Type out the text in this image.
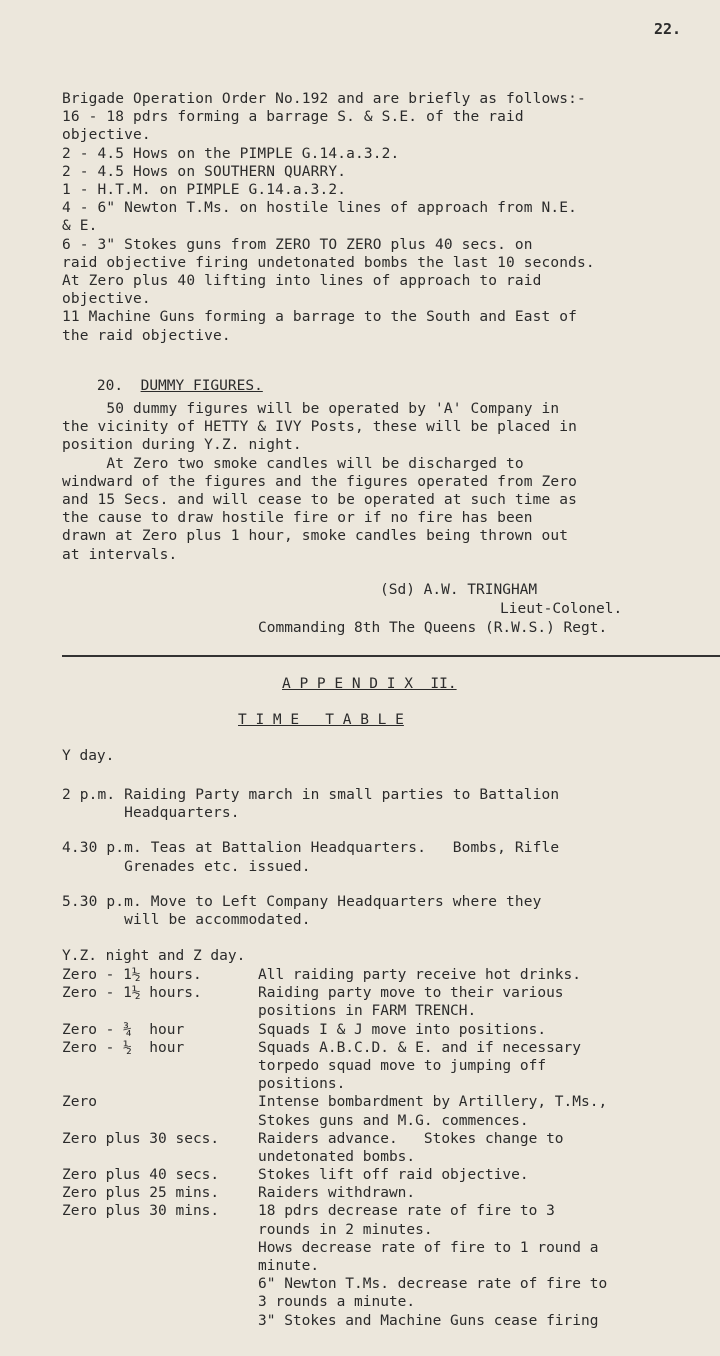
22.
Brigade Operation Order No.192 and are briefly as follows:-
16 - 18 pdrs forming a barrage S. & S.E. of the raid
objective.
2 - 4.5 Hows on the PIMPLE G.14.a.3.2.
2 - 4.5 Hows on SOUTHERN QUARRY.
1 - H.T.M. on PIMPLE G.14.a.3.2.
4 - 6" Newton T.Ms. on hostile lines of approach from N.E.
& E.
6 - 3" Stokes guns from ZERO TO ZERO plus 40 secs. on
raid objective firing undetonated bombs the last 10 seconds.
At Zero plus 40 lifting into lines of approach to raid
objective.
11 Machine Guns forming a barrage to the South and East of
the raid objective.

20. DUMMY FIGURES.

50 dummy figures will be operated by 'A' Company in
the vicinity of HETTY & IVY Posts, these will be placed in
position during Y.Z. night.
At Zero two smoke candles will be discharged to
windward of the figures and the figures operated from Zero
and 15 Secs. and will cease to be operated at such time as
the cause to draw hostile fire or if no fire has been
drawn at Zero plus 1 hour, smoke candles being thrown out
at intervals.
(Sd) A.W. TRINGHAM
Lieut-Colonel.
Commanding 8th The Queens (R.W.S.) Regt.
A P P E N D I X  II.
T I M E   T A B L E
Y day.
2 p.m. Raiding Party march in small parties to Battalion
Headquarters.
4.30 p.m. Teas at Battalion Headquarters.   Bombs, Rifle
Grenades etc. issued.
5.30 p.m. Move to Left Company Headquarters where they
will be accommodated.
Y.Z. night and Z day.
Zero - 1½ hours.	All raiding party receive hot drinks.
Zero - 1½ hours.	Raiding party move to their various
positions in FARM TRENCH.
Zero - ¾  hour	Squads I & J move into positions.
Zero - ½  hour	Squads A.B.C.D. & E. and if necessary
torpedo squad move to jumping off
positions.
Zero	Intense bombardment by Artillery, T.Ms.,
Stokes guns and M.G. commences.
Zero plus 30 secs.	Raiders advance.   Stokes change to
undetonated bombs.
Zero plus 40 secs.	Stokes lift off raid objective.
Zero plus 25 mins.	Raiders withdrawn.
Zero plus 30 mins.	18 pdrs decrease rate of fire to 3
rounds in 2 minutes.
Hows decrease rate of fire to 1 round a
minute.
6" Newton T.Ms. decrease rate of fire to
3 rounds a minute.
3" Stokes and Machine Guns cease firing
